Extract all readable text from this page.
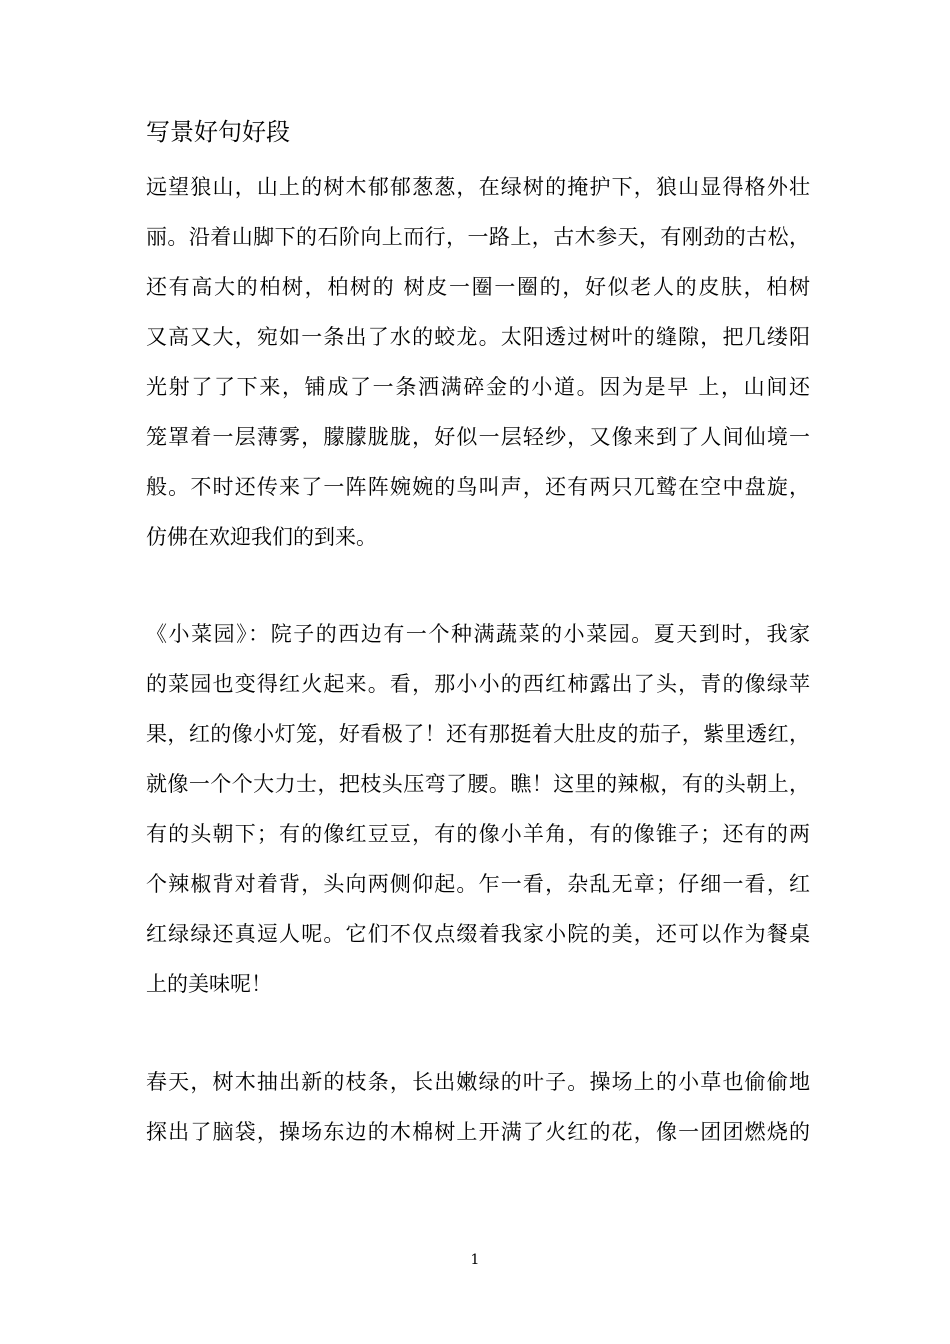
写景好句好段
远望狼山，山上的树木郁郁葱葱，在绿树的掩护下，狼山显得格外壮
丽。沿着山脚下的石阶向上而行，一路上，古木参天，有刚劲的古松，
还有高大的柏树，柏树的 树皮一圈一圈的，好似老人的皮肤，柏树
又高又大，宛如一条出了水的蛟龙。太阳透过树叶的缝隙，把几缕阳
光射了了下来，铺成了一条洒满碎金的小道。因为是早 上，山间还
笼罩着一层薄雾，朦朦胧胧，好似一层轻纱，又像来到了人间仙境一
般。不时还传来了一阵阵婉婉的鸟叫声，还有两只兀鹫在空中盘旋，
仿佛在欢迎我们的到来。
《小菜园》：院子的西边有一个种满蔬菜的小菜园。夏天到时，我家
的菜园也变得红火起来。看，那小小的西红柿露出了头，青的像绿苹
果，红的像小灯笼，好看极了！还有那挺着大肚皮的茄子，紫里透红，
就像一个个大力士，把枝头压弯了腰。瞧！这里的辣椒，有的头朝上，
有的头朝下；有的像红豆豆，有的像小羊角，有的像锥子；还有的两
个辣椒背对着背，头向两侧仰起。乍一看，杂乱无章；仔细一看，红
红绿绿还真逗人呢。它们不仅点缀着我家小院的美，还可以作为餐桌
上的美味呢！
春天，树木抽出新的枝条，长出嫩绿的叶子。操场上的小草也偷偷地
探出了脑袋，操场东边的木棉树上开满了火红的花，像一团团燃烧的
1
